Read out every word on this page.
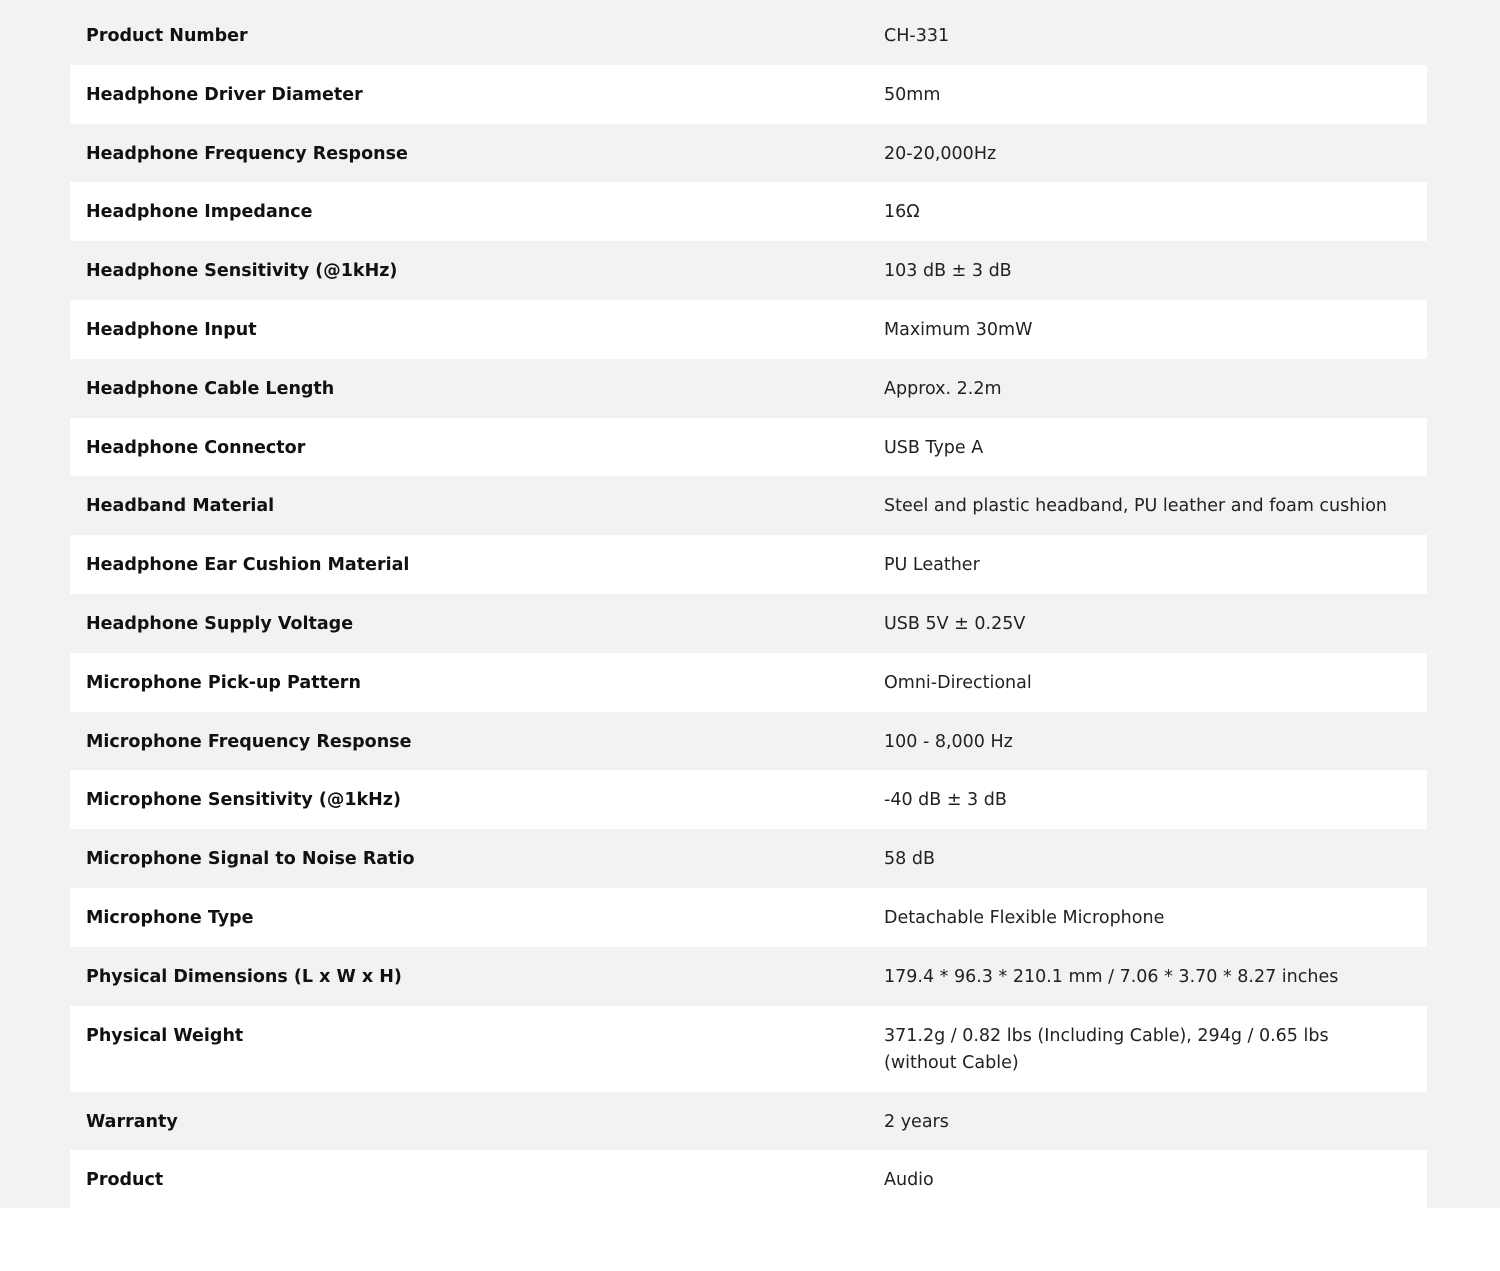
Product Number	CH-331
Headphone Driver Diameter	50mm
Headphone Frequency Response	20-20,000Hz
Headphone Impedance	16Ω
Headphone Sensitivity (@1kHz)	103 dB ± 3 dB
Headphone Input	Maximum 30mW
Headphone Cable Length	Approx. 2.2m
Headphone Connector	USB Type A
Headband Material	Steel and plastic headband, PU leather and foam cushion
Headphone Ear Cushion Material	PU Leather
Headphone Supply Voltage	USB 5V ± 0.25V
Microphone Pick-up Pattern	Omni-Directional
Microphone Frequency Response	100 - 8,000 Hz
Microphone Sensitivity (@1kHz)	-40 dB ± 3 dB
Microphone Signal to Noise Ratio	58 dB
Microphone Type	Detachable Flexible Microphone
Physical Dimensions (L x W x H)	179.4 * 96.3 * 210.1 mm / 7.06 * 3.70 * 8.27 inches
Physical Weight	371.2g / 0.82 lbs (Including Cable), 294g / 0.65 lbs (without Cable)
Warranty	2 years
Product	Audio
